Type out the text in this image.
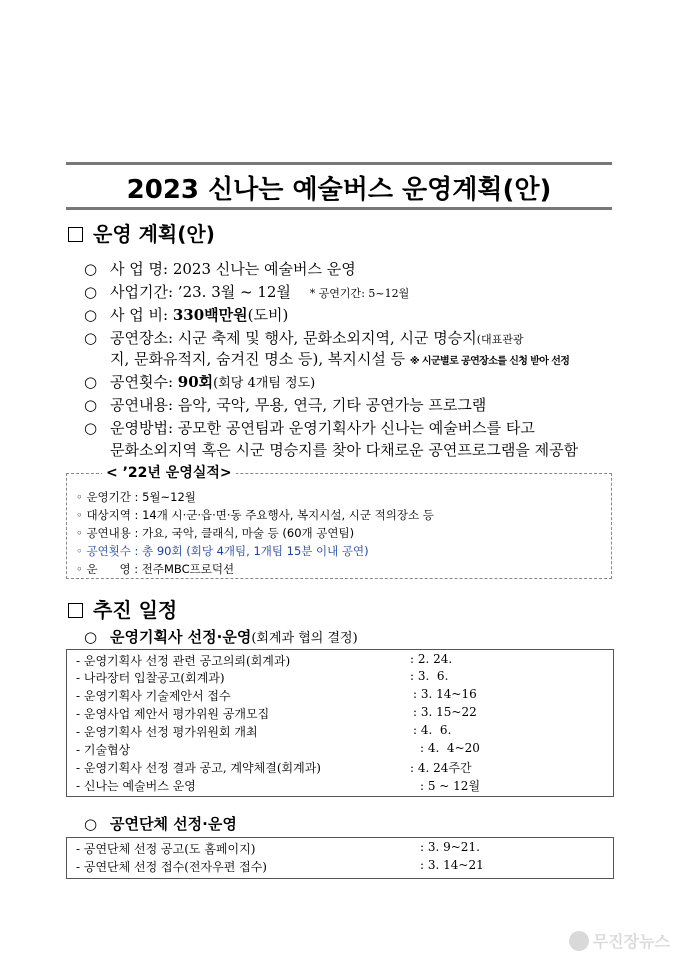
2023 신나는 예술버스 운영계획(안)
운영 계획(안)
○ 사 업 명: 2023 신나는 예술버스 운영
○ 사업기간: ’23. 3월 ~ 12월 * 공연기간: 5~12월
○ 사 업 비: 330백만원(도비)
○ 공연장소: 시군 축제 및 행사, 문화소외지역, 시군 명승지(대표관광
지, 문화유적지, 숨겨진 명소 등), 복지시설 등 ※ 시군별로 공연장소를 신청 받아 선정
○ 공연횟수: 90회(회당 4개팀 정도)
○ 공연내용: 음악, 국악, 무용, 연극, 기타 공연가능 프로그램
○ 운영방법: 공모한 공연팀과 운영기획사가 신나는 예술버스를 타고
문화소외지역 혹은 시군 명승지를 찾아 다채로운 공연프로그램을 제공함
< ’22년 운영실적>
◦ 운영기간 : 5월~12월
◦ 대상지역 : 14개 시·군·읍·면·동 주요행사, 복지시설, 시군 적의장소 등
◦ 공연내용 : 가요, 국악, 클래식, 마술 등 (60개 공연팀)
◦ 공연횟수 : 총 90회 (회당 4개팀, 1개팀 15분 이내 공연)
◦ 운      영 : 전주MBC프로덕션
추진 일정
○ 운영기획사 선정·운영(회계과 협의 결정)
- 운영기획사 선정 관련 공고의뢰(회계과)	: 2. 24.
- 나라장터 입찰공고(회계과)	: 3.  6.
- 운영기획사 기술제안서 접수	: 3. 14~16
- 운영사업 제안서 평가위원 공개모집	: 3. 15~22
- 운영기획사 선정 평가위원회 개최	: 4.  6.
- 기술협상	: 4.  4~20
- 운영기획사 선정 결과 공고, 계약체결(회계과)	: 4. 24주간
- 신나는 예술버스 운영	: 5 ~ 12월
○ 공연단체 선정·운영
- 공연단체 선정 공고(도 홈페이지)	: 3. 9~21.
- 공연단체 선정 접수(전자우편 접수)	: 3. 14~21
무진장뉴스
